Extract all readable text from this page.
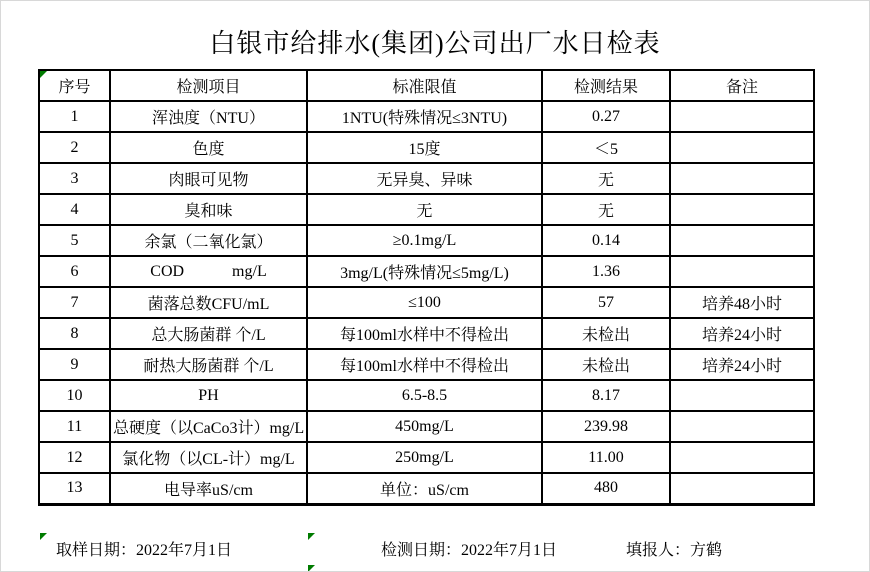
白银市给排水(集团)公司出厂水日检表
序号	检测项目	标准限值	检测结果	备注
1	浑浊度（NTU）	1NTU(特殊情况≤3NTU)	0.27	
2	色度	15度	＜5	
3	肉眼可见物	无异臭、异味	无	
4	臭和味	无	无	
5	余氯（二氧化氯）	≥0.1mg/L	0.14	
6	COD            mg/L	3mg/L(特殊情况≤5mg/L)	1.36	
7	菌落总数CFU/mL	≤100	57	培养48小时
8	总大肠菌群 个/L	每100ml水样中不得检出	未检出	培养24小时
9	耐热大肠菌群 个/L	每100ml水样中不得检出	未检出	培养24小时
10	PH	6.5-8.5	8.17	
11	总硬度（以CaCo3计）mg/L	450mg/L	239.98	
12	氯化物（以CL-计）mg/L	250mg/L	11.00	
13	电导率uS/cm	单位：uS/cm	480	
取样日期：2022年7月1日	检测日期：2022年7月1日	填报人：方鹤
